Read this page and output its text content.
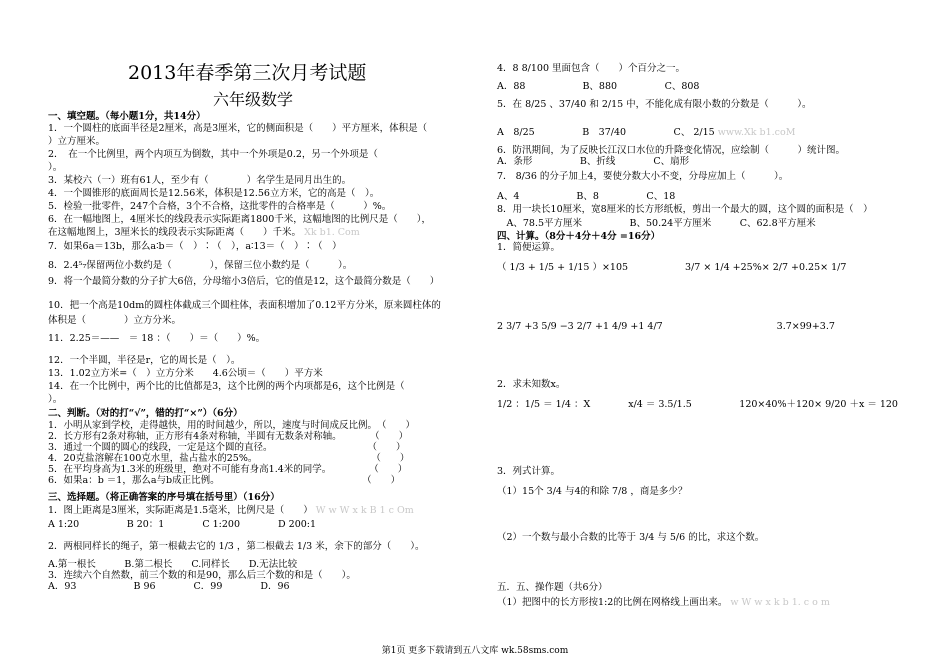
2013年春季第三次月考试题
六年级数学
一、填空题。（每小题1分，共14分）
1．一个圆柱的底面半径是2厘米，高是3厘米，它的侧面积是（　　）平方厘米，体积是（
）立方厘米。
2．　在一个比例里，两个内项互为倒数，其中一个外项是0.2，另一个外项是（
）。
3．某校六（一）班有61人，至少有（　　　　）名学生是同月出生的。
4．一个圆锥形的底面周长是12.56米，体积是12.56立方米，它的高是（　）。
5．检验一批零件，247个合格，3个不合格，这批零件的合格率是（　　　）%。
6．在一幅地图上，4厘米长的线段表示实际距离1800千米，这幅地图的比例尺是（　　），
在这幅地图上，3厘米长的线段表示实际距离（　　）千米。 Xk b1. Com
7．如果6a＝13b，那么a∶b＝（　）∶（　），a∶13＝（　）∶（　）
8．2.4⁵₇保留两位小数约是（　　　　），保留三位小数约是（　　　）。
9．将一个最简分数的分子扩大6倍，分母缩小3倍后，它的值是12，这个最简分数是（　　）
10．把一个高是10dm的圆柱体截成三个圆柱体，表面积增加了0.12平方分米，原来圆柱体的
体积是（　　　　）立方分米。
11．2.25＝——　＝ 18 ：（　　）＝（　　）%。
12．一个半圆，半径是r，它的周长是（　）。
13．1.02立方米=（　）立方分米　　4.6公顷＝（　　）平方米
14．在一个比例中，两个比的比值都是3，这个比例的两个内项都是6，这个比例是（
）。
二、判断。（对的打“√”，错的打“×”）（6分）
1．小明从家到学校，走得越快，用的时间越少，所以，速度与时间成反比例。　（　　）
2．长方形有2条对称轴，正方形有4条对称轴，半圆有无数条对称轴。　　　　（　　）
3．通过一个圆的圆心的线段，一定是这个圆的直径。　　　　　　　　　　　（　　）
4．20克盐溶解在100克水里，盐占盐水的25%。　　　　　　　　　　　　　（　　）
5．在平均身高为1.3米的班级里，绝对不可能有身高1.4米的同学。　　　　　（　　）
6．如果a：b ＝1，那么a与b成正比例。　　　　　　　　　　　　　　　　（　　）
三、选择题。（将正确答案的序号填在括号里）（16分）
1．图上距离是3厘米，实际距离是1.5毫米，比例尺是（　　） W w W x k B 1 c Om
A 1:20　　　　　B 20：1　　　　C 1:200　　　　D 200:1
2．两根同样长的绳子，第一根截去它的 1/3 ，第二根截去 1/3 米，余下的部分（　　）。
A.第一根长　　　B.第二根长　　C.同样长　　D.无法比较
3．连续六个自然数，前三个数的和是90，那么后三个数的和是（　　）。
A．93　　　　　　B 96　　　　C．99　　　　D．96
4．8 8/100 里面包含（　　）个百分之一。
A．88　　　　　　B、880　　　　　C、808
5．在 8/25 、37/40 和 2/15 中，不能化成有限小数的分数是（　　　）。
A　8/25　　　　　B　37/40　　　　　C、 2/15 www.Xk b1.coM
6．防汛期间，为了反映长江汉口水位的升降变化情况，应绘制（　　　）统计图。
A．条形　　　　　B、折线　　　　C、扇形
7． 8/36 的分子加上4，要使分数大小不变，分母应加上（　　　）。
A、4　　　　　　B、8　　　　　C、18
8．用一块长10厘米，宽8厘米的长方形纸板，剪出一个最大的圆，这个圆的面积是（　）
　A、78.5平方厘米　　　　　B、50.24平方厘米　　　C、62.8平方厘米
四、计算。（8分＋4分＋4分 =16分）
1．简便运算。
（ 1/3 + 1/5 + 1/15 ）×105　　　　　　3/7 × 1/4 +25%× 2/7 +0.25× 1/7
2 3/7 +3 5/9 −3 2/7 +1 4/9 +1 4/7　　　　　　　　　　　　3.7×99+3.7
2．求未知数x。
1/2 ：1/5 ＝ 1/4 ：X　　　　x/4 ＝ 3.5/1.5　　　　　120×40%＋120× 9/20 ＋x ＝ 120
3．列式计算。
（1）15个 3/4 与4的和除 7/8 ，商是多少？
（2）一个数与最小合数的比等于 3/4 与 5/6 的比，求这个数。
五．五、操作题（共6分）
（1）把图中的长方形按1:2的比例在网格线上画出来。 w W w x k b 1. c o m
第1页 更多下载请到五八文库 wk.58sms.com
